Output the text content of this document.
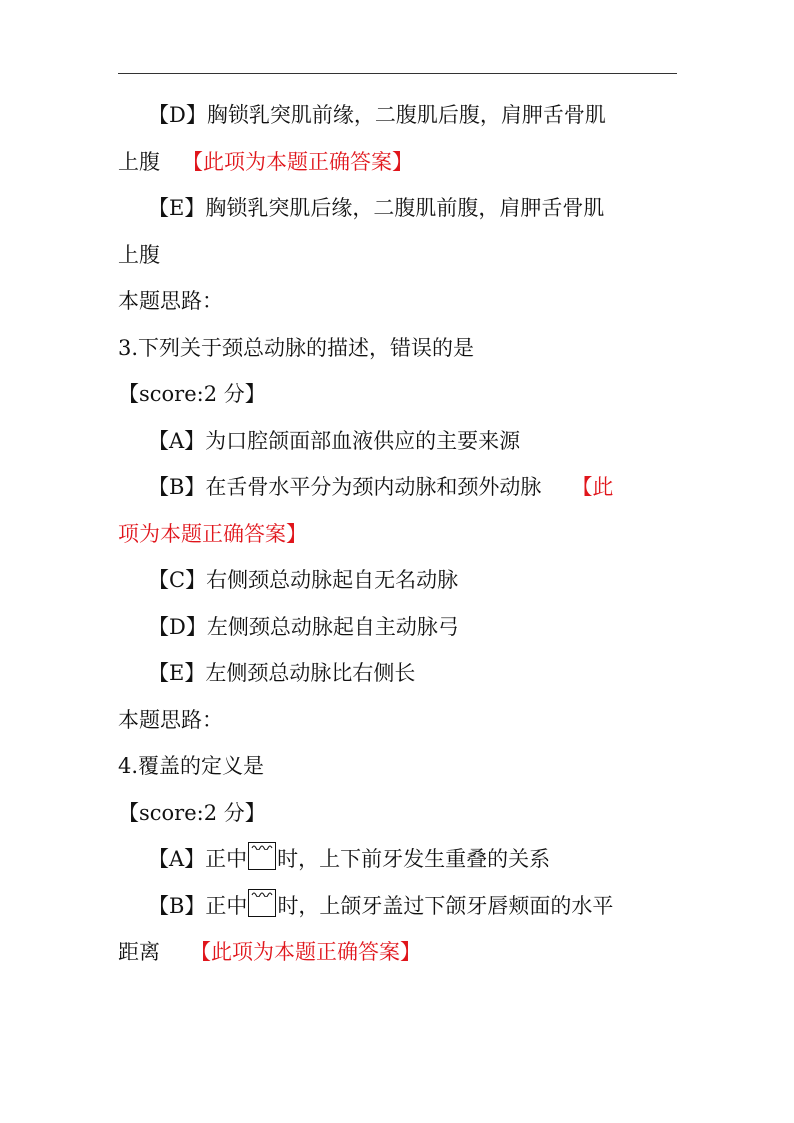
【D】胸锁乳突肌前缘，二腹肌后腹，肩胛舌骨肌
上腹 【此项为本题正确答案】
【E】胸锁乳突肌后缘，二腹肌前腹，肩胛舌骨肌
上腹
本题思路：
3.下列关于颈总动脉的描述，错误的是
【score:2 分】
【A】为口腔颌面部血液供应的主要来源
【B】在舌骨水平分为颈内动脉和颈外动脉 【此
项为本题正确答案】
【C】右侧颈总动脉起自无名动脉
【D】左侧颈总动脉起自主动脉弓
【E】左侧颈总动脉比右侧长
本题思路：
4.覆盖的定义是
【score:2 分】
【A】正中 时，上下前牙发生重叠的关系
【B】正中 时，上颌牙盖过下颌牙唇颊面的水平
距离 【此项为本题正确答案】
